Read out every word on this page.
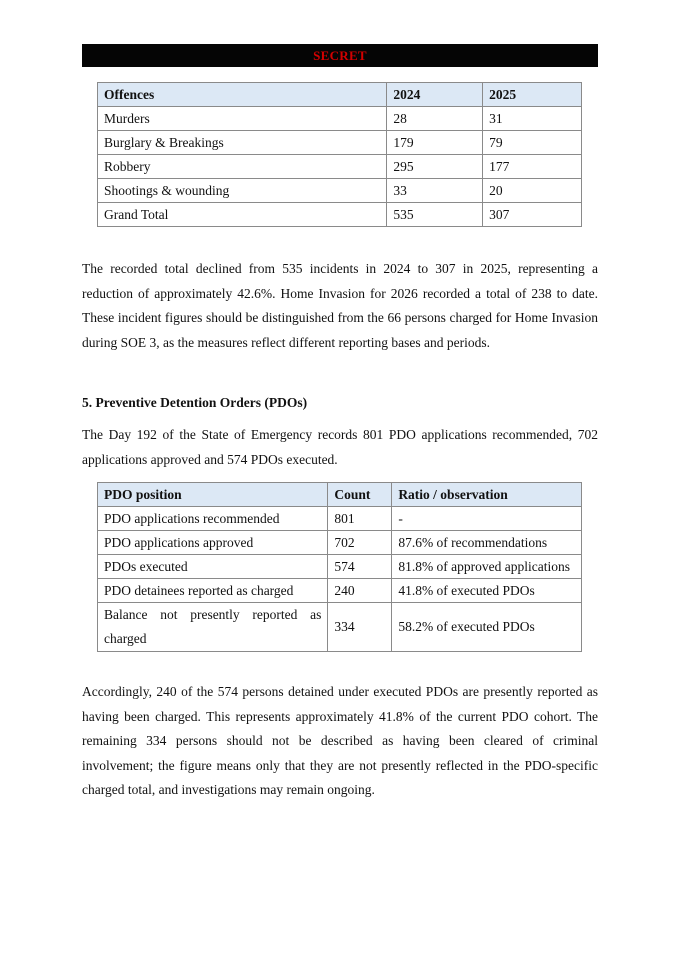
SECRET
Offences	2024	2025
Murders	28	31
Burglary & Breakings	179	79
Robbery	295	177
Shootings & wounding	33	20
Grand Total	535	307

The recorded total declined from 535 incidents in 2024 to 307 in 2025, representing a reduction of approximately 42.6%. Home Invasion for 2026 recorded a total of 238 to date. These incident figures should be distinguished from the 66 persons charged for Home Invasion during SOE 3, as the measures reflect different reporting bases and periods.

5. Preventive Detention Orders (PDOs)

The Day 192 of the State of Emergency records 801 PDO applications recommended, 702 applications approved and 574 PDOs executed.

PDO position	Count	Ratio / observation
PDO applications recommended	801	-
PDO applications approved	702	87.6% of recommendations
PDOs executed	574	81.8% of approved applications
PDO detainees reported as charged	240	41.8% of executed PDOs
Balance not presently reported as charged	334	58.2% of executed PDOs

Accordingly, 240 of the 574 persons detained under executed PDOs are presently reported as having been charged. This represents approximately 41.8% of the current PDO cohort. The remaining 334 persons should not be described as having been cleared of criminal involvement; the figure means only that they are not presently reflected in the PDO-specific charged total, and investigations may remain ongoing.
